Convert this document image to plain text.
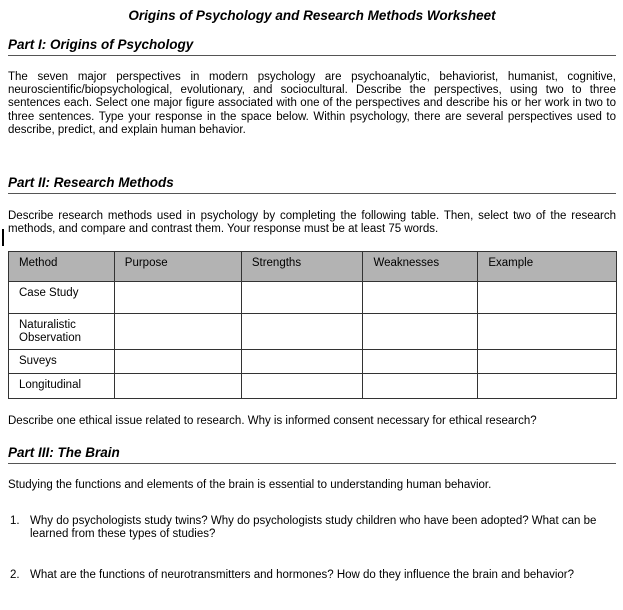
Origins of Psychology and Research Methods Worksheet
Part I: Origins of Psychology

The seven major perspectives in modern psychology are psychoanalytic, behaviorist, humanist, cognitive, neuroscientific/biopsychological, evolutionary, and sociocultural. Describe the perspectives, using two to three sentences each. Select one major figure associated with one of the perspectives and describe his or her work in two to three sentences. Type your response in the space below. Within psychology, there are several perspectives used to describe, predict, and explain human behavior.

Part II: Research Methods

Describe research methods used in psychology by completing the following table. Then, select two of the research methods, and compare and contrast them. Your response must be at least 75 words.

Method	Purpose	Strengths	Weaknesses	Example
Case Study				
Naturalistic Observation				
Suveys				
Longitudinal				

Describe one ethical issue related to research. Why is informed consent necessary for ethical research?

Part III: The Brain

Studying the functions and elements of the brain is essential to understanding human behavior.

1. Why do psychologists study twins? Why do psychologists study children who have been adopted? What can be learned from these types of studies?
2. What are the functions of neurotransmitters and hormones? How do they influence the brain and behavior?
